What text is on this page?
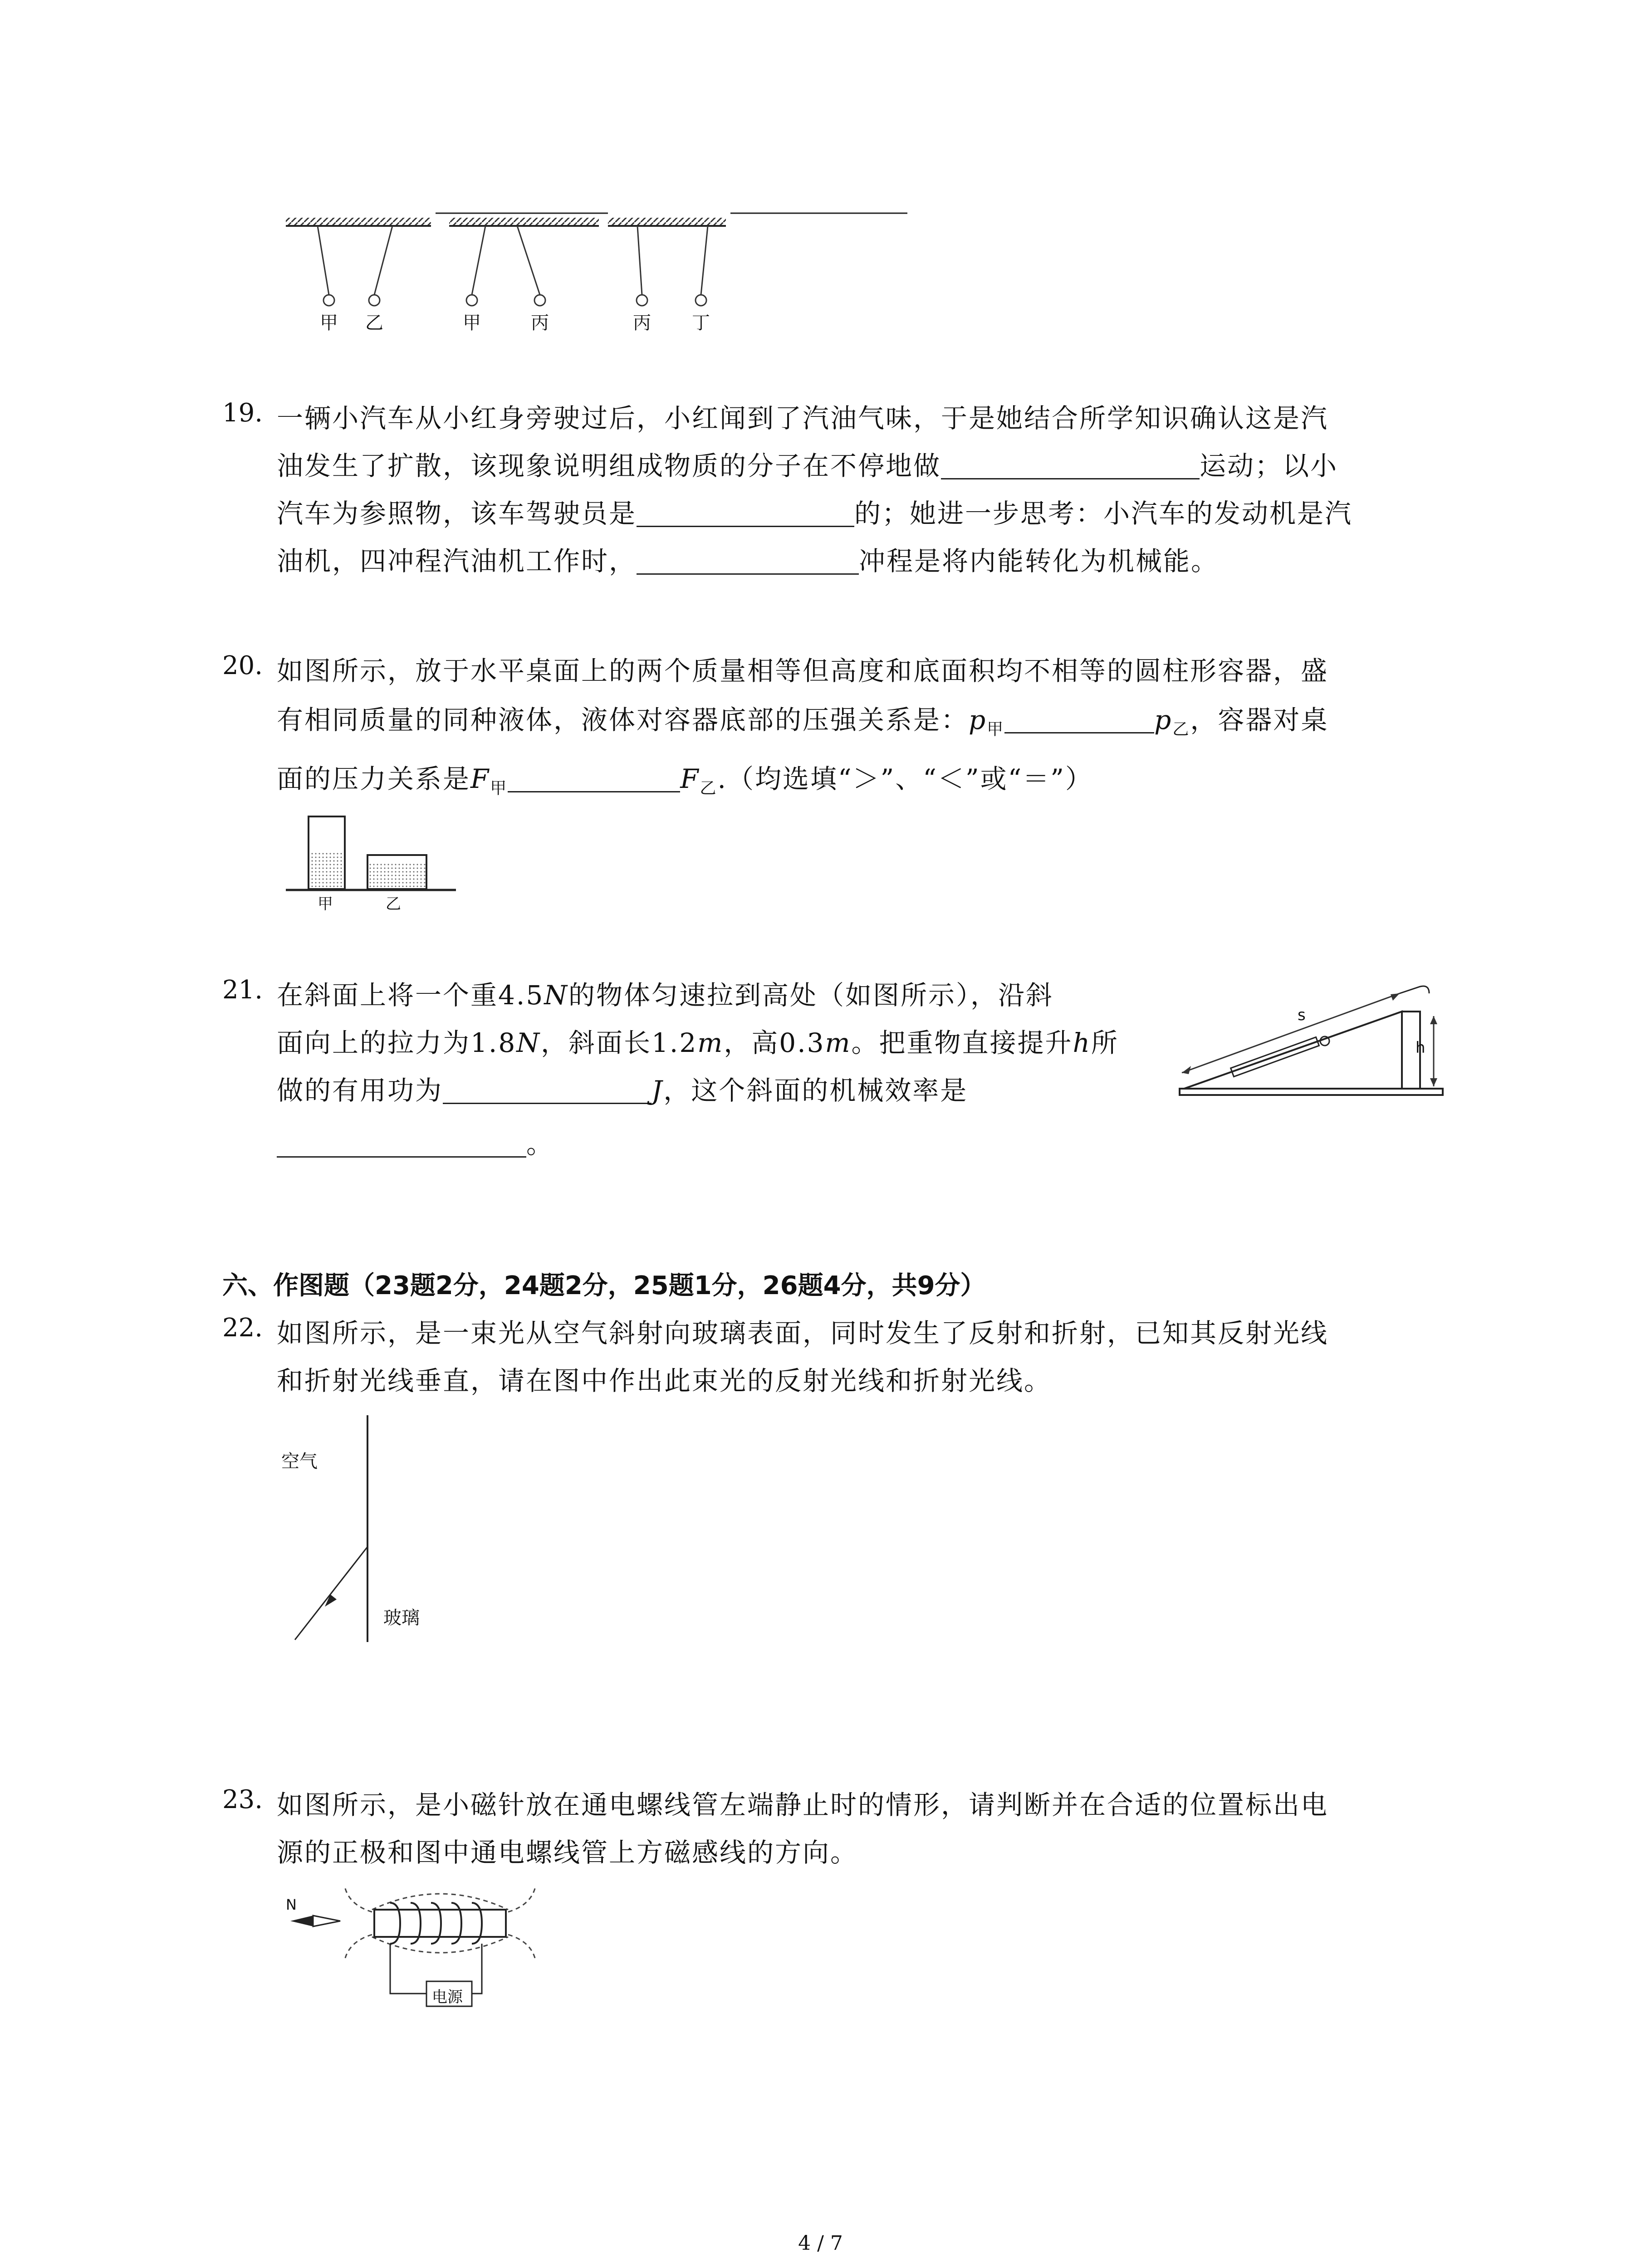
甲 乙	甲	丙	丙 丁
19. 一辆小汽车从小红身旁驶过后，小红闻到了汽油气味，于是她结合所学知识确认这是汽
油发生了扩散，该现象说明组成物质的分子在不停地做	运动；以小
汽车为参照物，该车驾驶员是	的；她进一步思考：小汽车的发动机是汽
油机，四冲程汽油机工作时，	冲程是将内能转化为机械能。
20. 如图所示，放于水平桌面上的两个质量相等但高度和底面积均不相等的圆柱形容器，盛
有相同质量的同种液体，液体对容器底部的压强关系是：$p_甲$	$p_乙$，容器对桌
面的压力关系是$F_甲$	$F_乙$.（均选填“＞”、“＜”或“＝”）
甲	乙
21. 在斜面上将一个重4.5N的物体匀速拉到高处（如图所示），沿斜
面向上的拉力为1.8N，斜面长1.2m，高0.3m。把重物直接提升h所
做的有用功为	J，这个斜面的机械效率是
。
s
h
六、作图题（23题2分，24题2分，25题1分，26题4分，共9分）
22. 如图所示，是一束光从空气斜射向玻璃表面，同时发生了反射和折射，已知其反射光线
和折射光线垂直，请在图中作出此束光的反射光线和折射光线。
空气
玻璃
23. 如图所示，是小磁针放在通电螺线管左端静止时的情形，请判断并在合适的位置标出电
源的正极和图中通电螺线管上方磁感线的方向。
N
电源
4 / 7
